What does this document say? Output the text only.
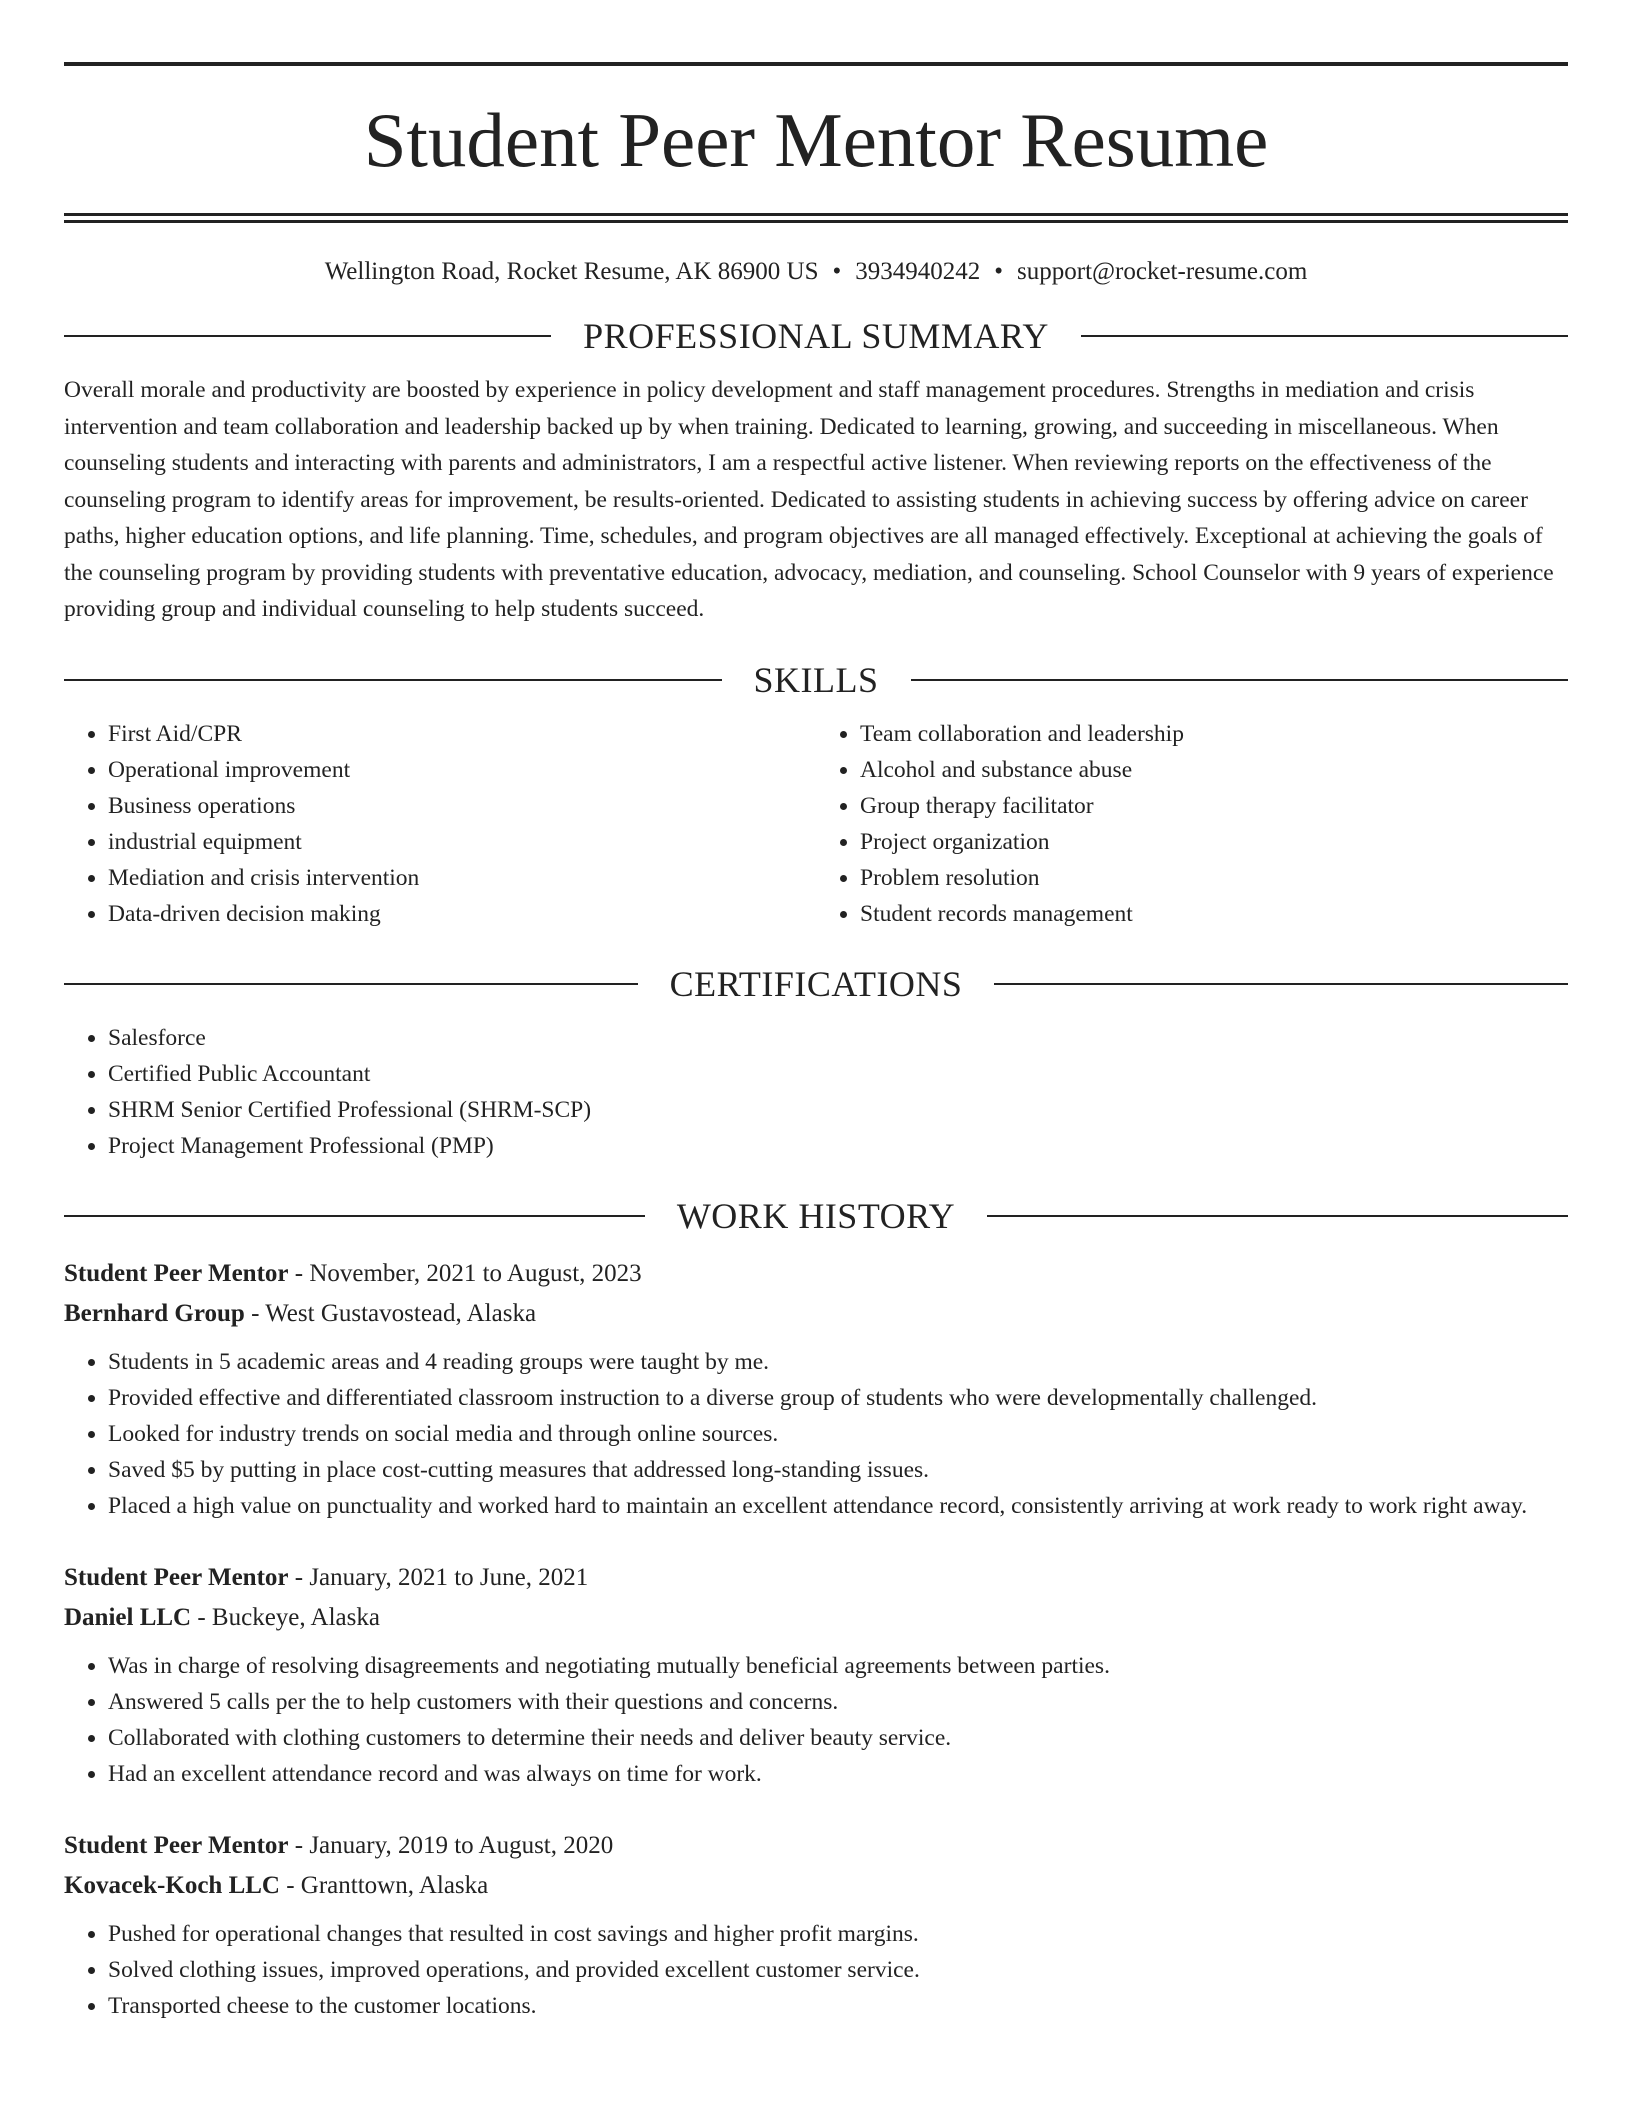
Student Peer Mentor Resume
Wellington Road, Rocket Resume, AK 86900 US • 3934940242 • support@rocket-resume.com
PROFESSIONAL SUMMARY

Overall morale and productivity are boosted by experience in policy development and staff management procedures. Strengths in mediation and crisis intervention and team collaboration and leadership backed up by when training. Dedicated to learning, growing, and succeeding in miscellaneous. When counseling students and interacting with parents and administrators, I am a respectful active listener. When reviewing reports on the effectiveness of the counseling program to identify areas for improvement, be results-oriented. Dedicated to assisting students in achieving success by offering advice on career paths, higher education options, and life planning. Time, schedules, and program objectives are all managed effectively. Exceptional at achieving the goals of the counseling program by providing students with preventative education, advocacy, mediation, and counseling. School Counselor with 9 years of experience providing group and individual counseling to help students succeed.

SKILLS
• First Aid/CPR
• Operational improvement
• Business operations
• industrial equipment
• Mediation and crisis intervention
• Data-driven decision making
• Team collaboration and leadership
• Alcohol and substance abuse
• Group therapy facilitator
• Project organization
• Problem resolution
• Student records management
CERTIFICATIONS
• Salesforce
• Certified Public Accountant
• SHRM Senior Certified Professional (SHRM-SCP)
• Project Management Professional (PMP)
WORK HISTORY
Student Peer Mentor - November, 2021 to August, 2023
Bernhard Group - West Gustavostead, Alaska
• Students in 5 academic areas and 4 reading groups were taught by me.
• Provided effective and differentiated classroom instruction to a diverse group of students who were developmentally challenged.
• Looked for industry trends on social media and through online sources.
• Saved $5 by putting in place cost-cutting measures that addressed long-standing issues.
• Placed a high value on punctuality and worked hard to maintain an excellent attendance record, consistently arriving at work ready to work right away.
Student Peer Mentor - January, 2021 to June, 2021
Daniel LLC - Buckeye, Alaska
• Was in charge of resolving disagreements and negotiating mutually beneficial agreements between parties.
• Answered 5 calls per the to help customers with their questions and concerns.
• Collaborated with clothing customers to determine their needs and deliver beauty service.
• Had an excellent attendance record and was always on time for work.
Student Peer Mentor - January, 2019 to August, 2020
Kovacek-Koch LLC - Granttown, Alaska
• Pushed for operational changes that resulted in cost savings and higher profit margins.
• Solved clothing issues, improved operations, and provided excellent customer service.
• Transported cheese to the customer locations.
